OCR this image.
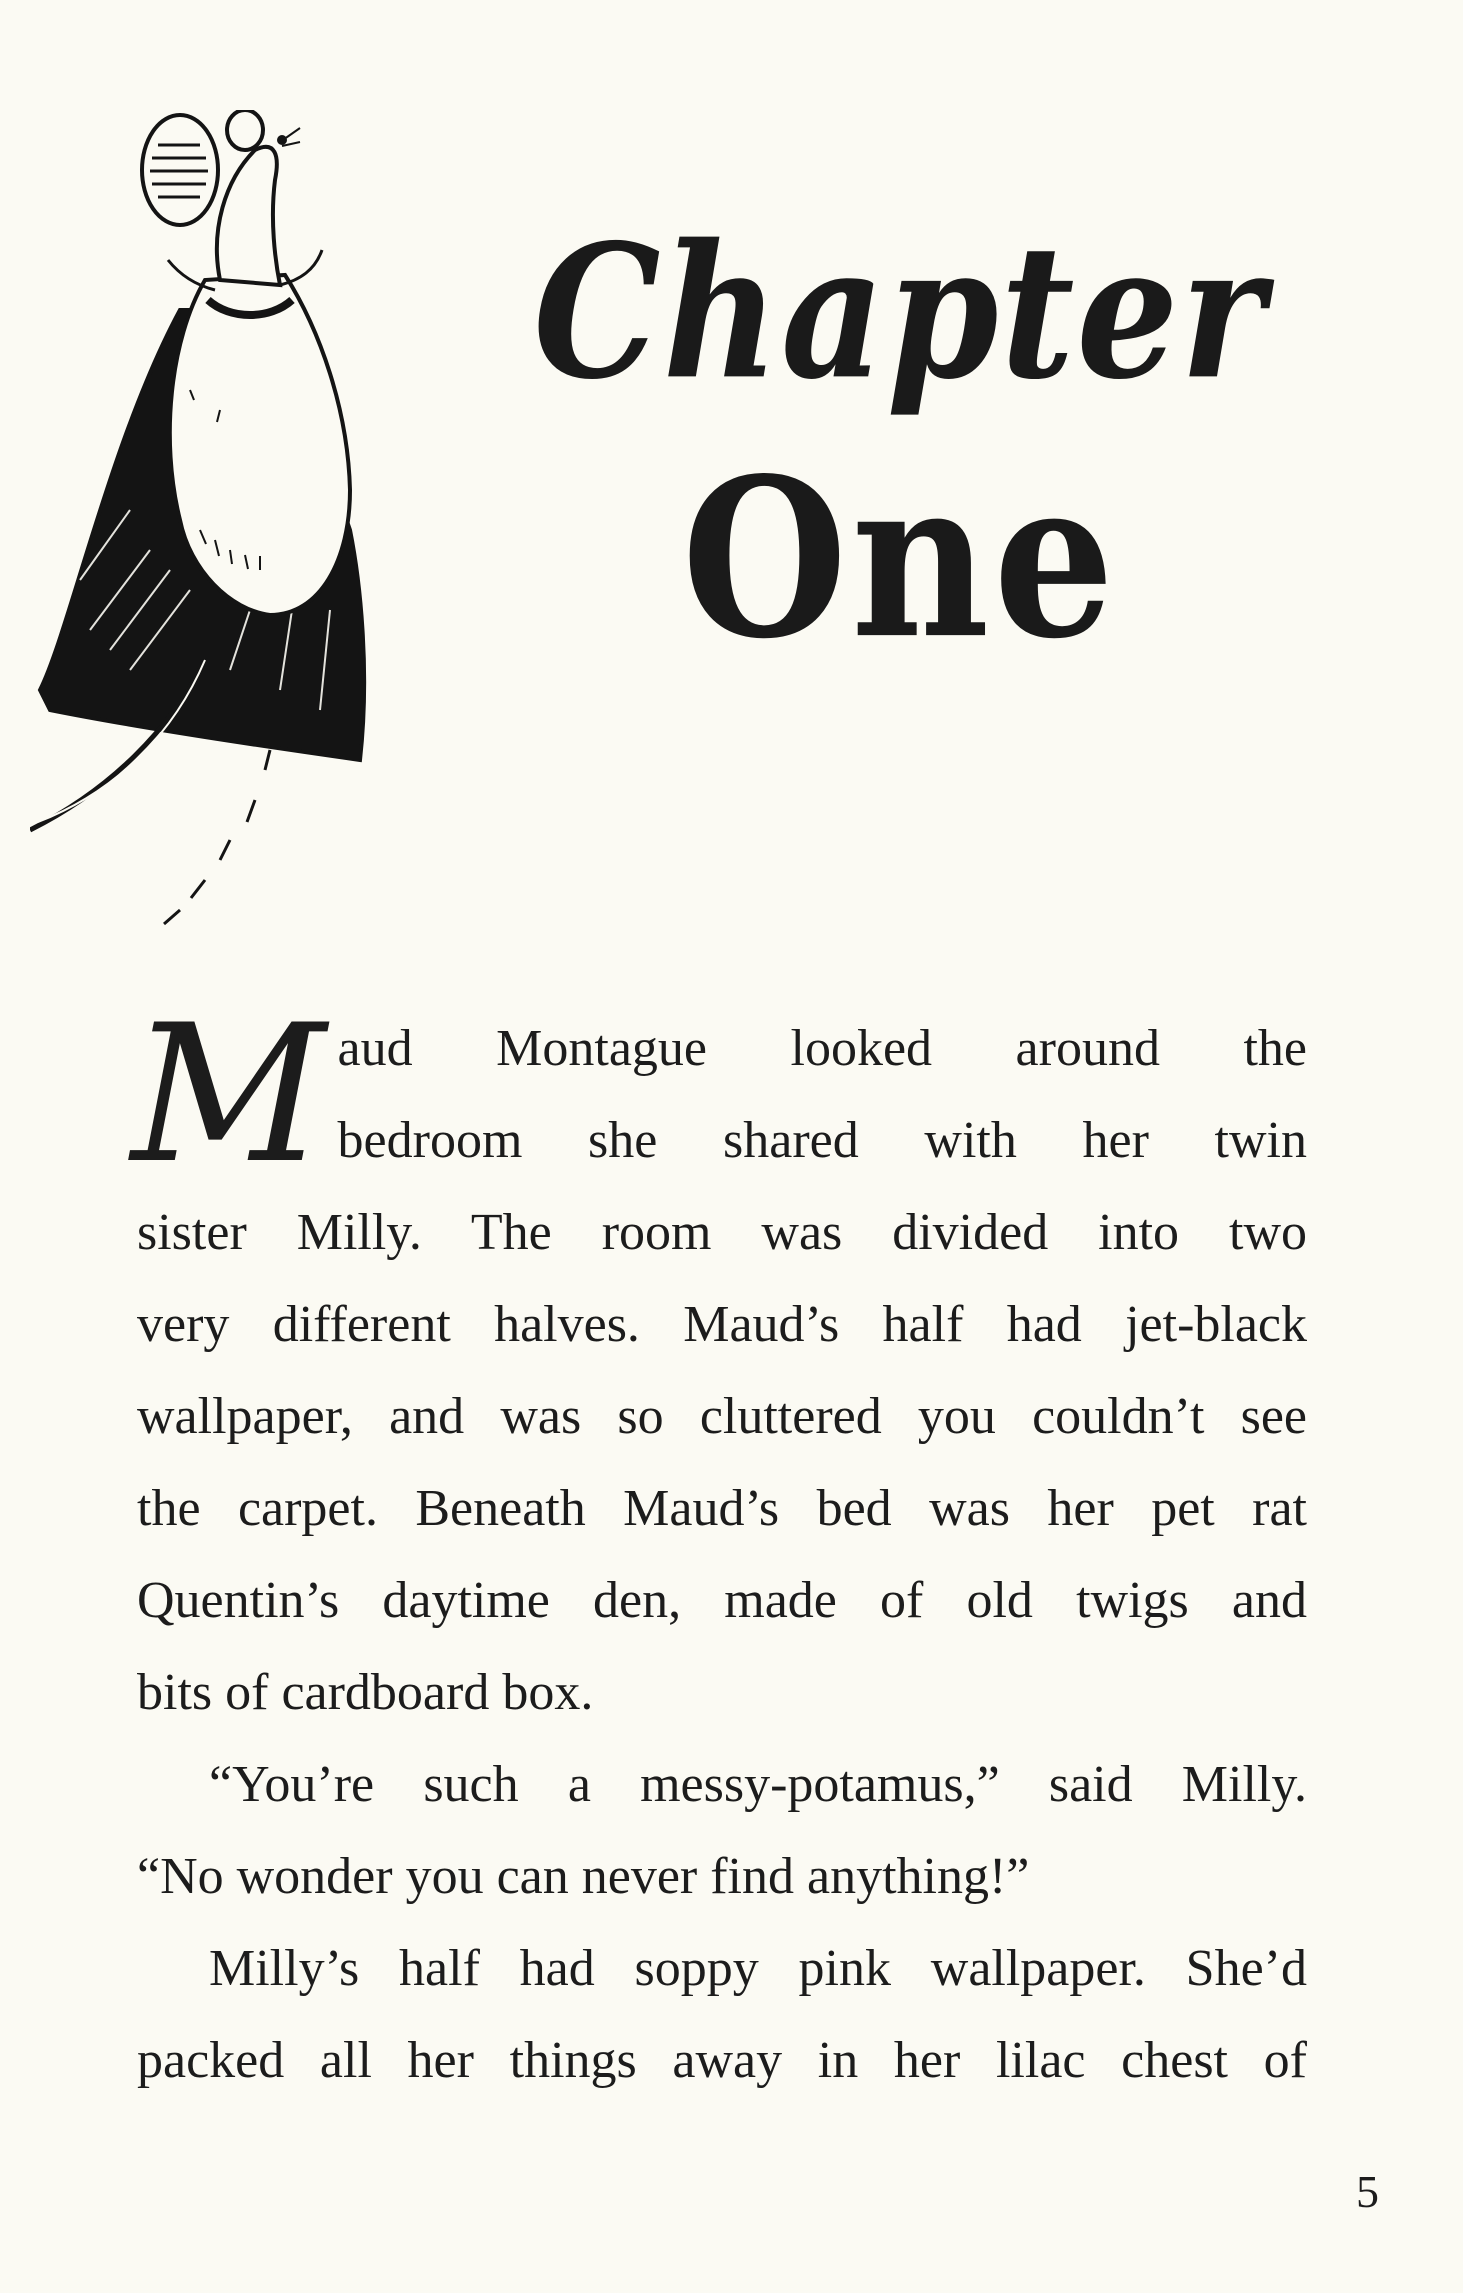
Chapter
One
M aud Montague looked around the
bedroom she shared with her twin
sister Milly. The room was divided into two
very different halves. Maud’s half had jet-black
wallpaper, and was so cluttered you couldn’t see
the carpet. Beneath Maud’s bed was her pet rat
Quentin’s daytime den, made of old twigs and
bits of cardboard box.
“You’re such a messy-potamus,” said Milly.
“No wonder you can never find anything!”
Milly’s half had soppy pink wallpaper. She’d
packed all her things away in her lilac chest of
5
